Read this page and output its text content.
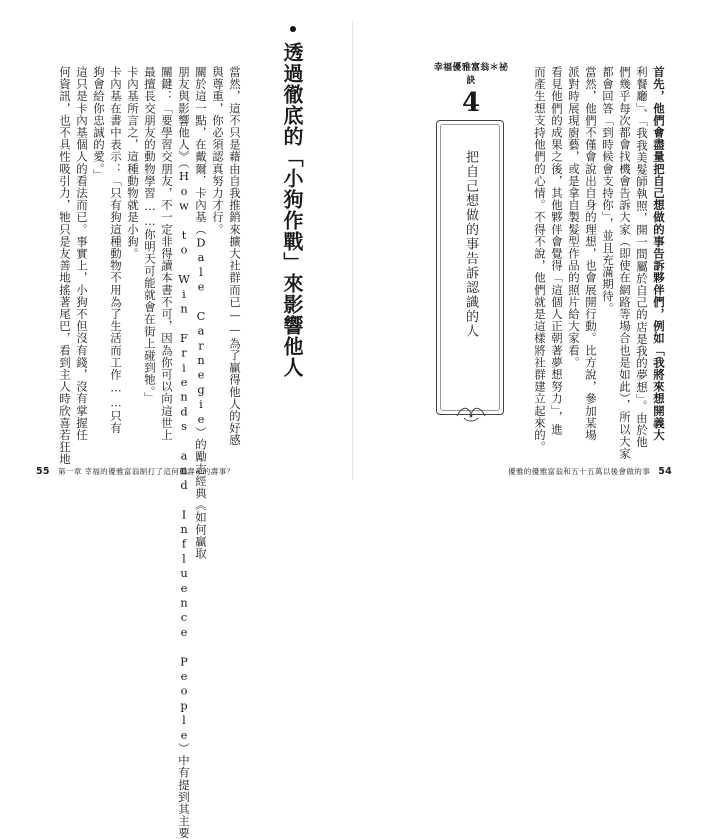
透過徹底的「小狗作戰」來影響他人
當然，這不只是藉由自我推銷來擴大社群而已——為了贏得他人的好感
與尊重，你必須認真努力才行。
關於這一點，在戴爾．卡內基（Dale Carnegie）的勵志經典《如何贏取
朋友與影響他人》（How to Win Friends and Influence People）中有提到其主要
關鍵：「要學習交朋友，不一定非得讀本書不可，因為你可以向這世上
最擅長交朋友的動物學習……你明天可能就會在街上碰到牠。」
卡內基所言之，這種動物就是小狗。
卡內基在書中表示：「只有狗這種動物不用為了生活而工作……只有
狗會給你忠誠的愛。」
這只是卡內基個人的看法而已。事實上，小狗不但沒有錢，沒有掌握任
何資訊，也不具性吸引力，牠只是友善地搖著尾巴，看到主人時欣喜若狂地
55 第一章 幸福的優雅富翁制打了這何種壽命的壽事？
首先，他們會盡量把自己想做的事告訴夥伴們，例如「我將來想開義大
利餐廳」、「我我美髮師執照，開一間屬於自己的店是我的夢想」。由於他
們幾乎每次都會找機會告訴大家（即使在網路等場合也是如此），所以大家
都會回答「到時候會支持你」，並且充滿期待。
當然，他們不僅會說出自身的理想，也會展開行動。比方說，參加某場
派對時展現廚藝，或是拿自製髮型作品的照片給大家看。
看見他們的成果之後，其他夥伴會覺得「這個人正朝著夢想努力」，進
而產生想支持他們的心情。不得不說，他們就是這樣將社群建立起來的。
幸福優雅富翁＊祕訣
4
把自己想做的事告訴認識的人
優雅的優雅富翁和五十五萬以後會做的事 54
